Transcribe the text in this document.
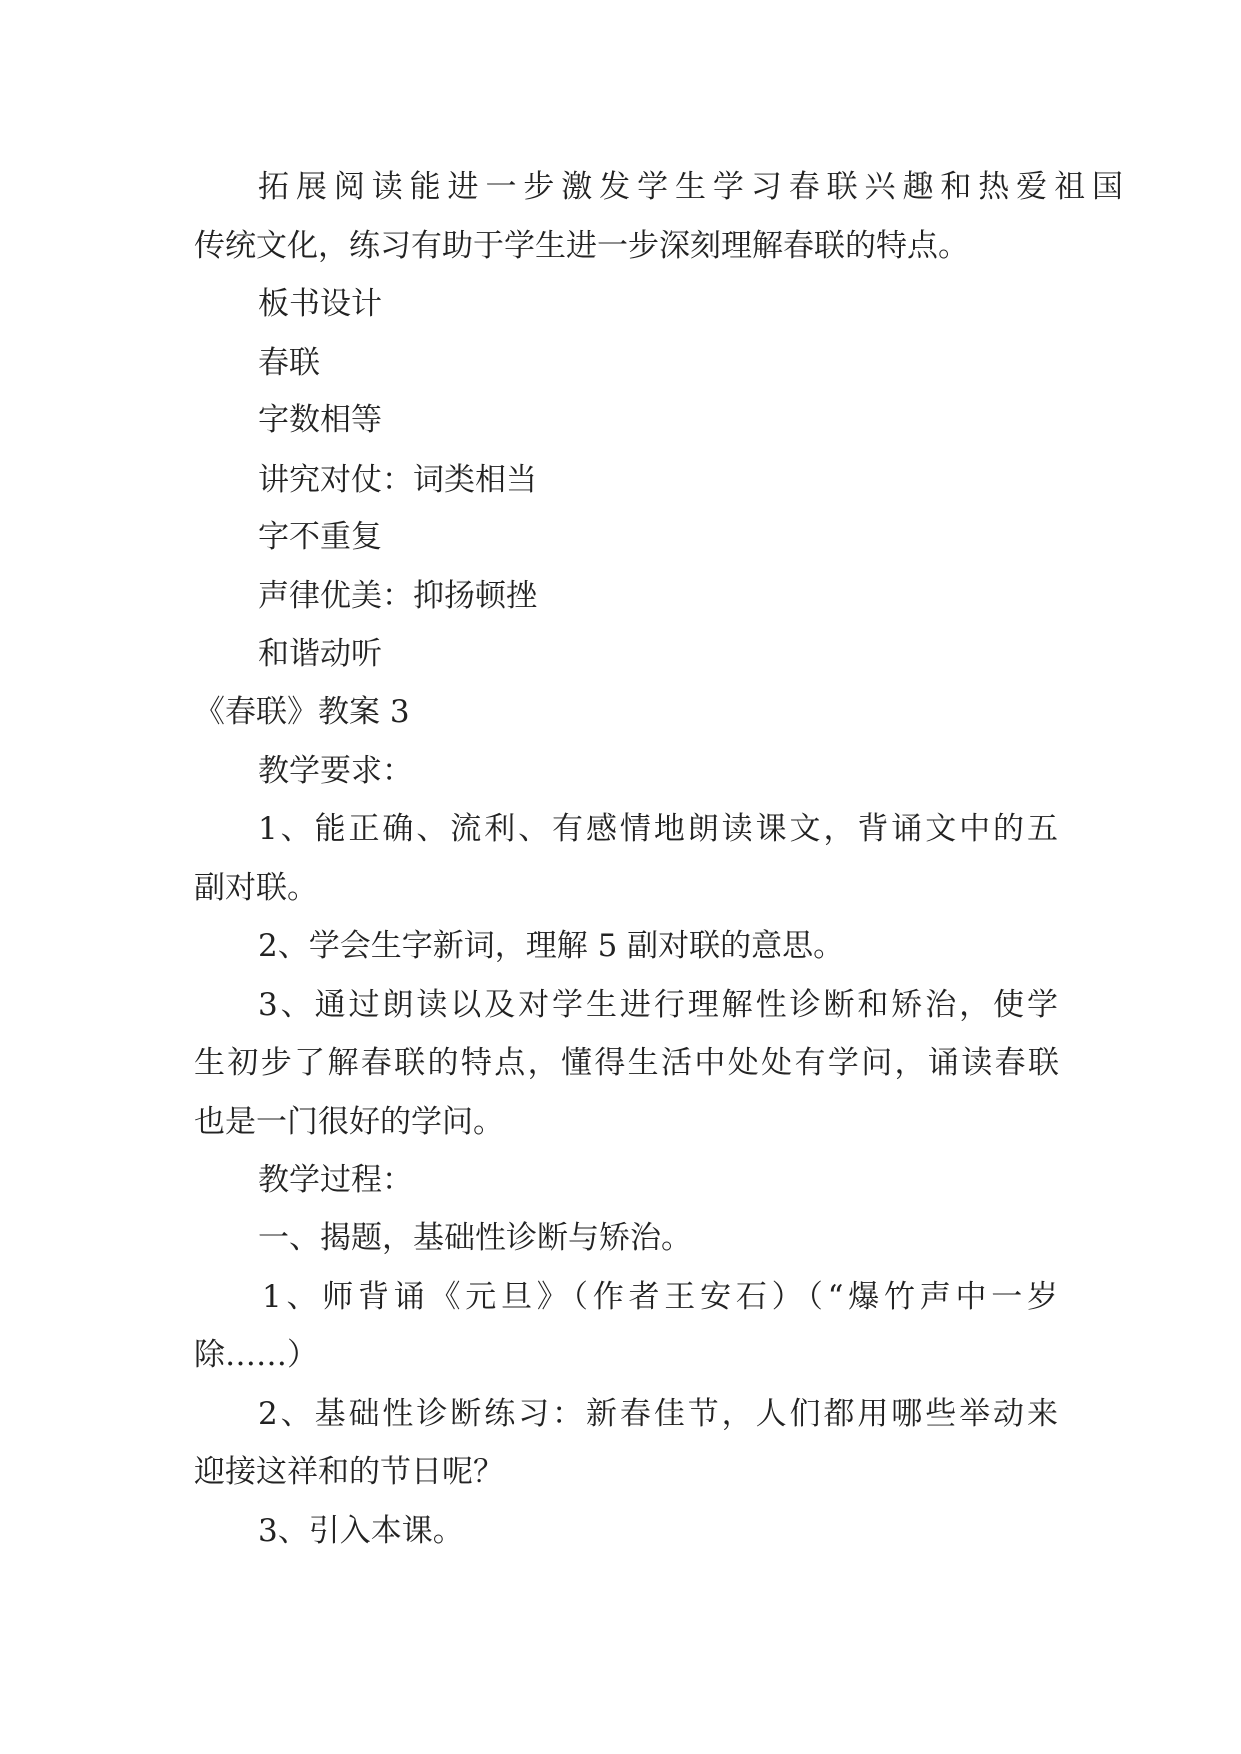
拓展阅读能进一步激发学生学习春联兴趣和热爱祖国

传统文化，练习有助于学生进一步深刻理解春联的特点。

板书设计

春联

字数相等

讲究对仗：词类相当

字不重复

声律优美：抑扬顿挫

和谐动听

《春联》教案 3

教学要求：

1、能正确、流利、有感情地朗读课文，背诵文中的五

副对联。

2、学会生字新词，理解 5 副对联的意思。

3、通过朗读以及对学生进行理解性诊断和矫治，使学

生初步了解春联的特点，懂得生活中处处有学问，诵读春联

也是一门很好的学问。

教学过程：

一、揭题，基础性诊断与矫治。

1、师背诵《元旦》（作者王安石）（“爆竹声中一岁

除……）

2、基础性诊断练习：新春佳节，人们都用哪些举动来

迎接这祥和的节日呢？

3、引入本课。
